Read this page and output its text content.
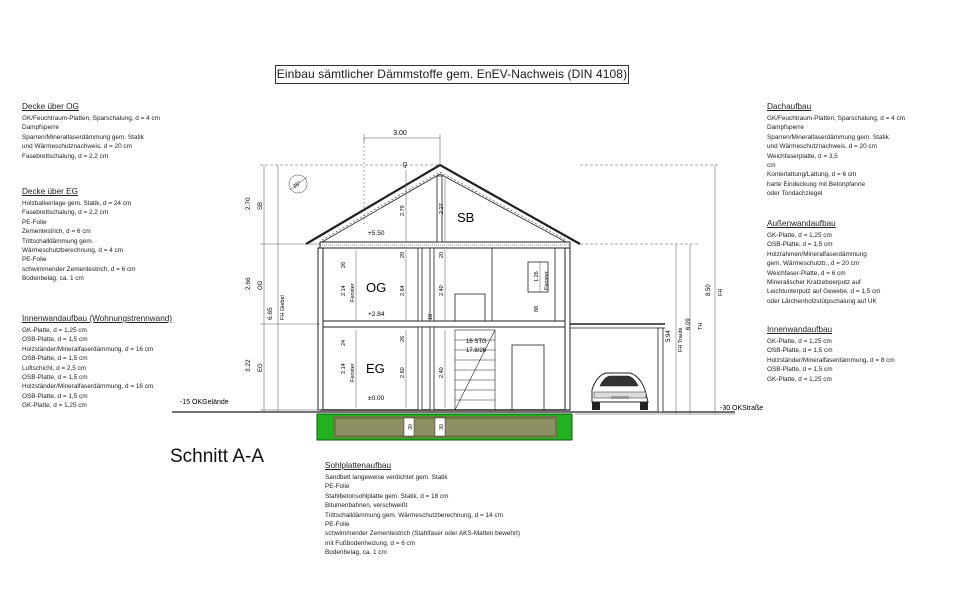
Einbau sämtlicher Dämmstoffe gem. EnEV-Nachweis (DIN 4108)
Decke über OG
GK/Feuchtraum-Platten, Sparschalung, d = 4 cm
Dampfsperre
Sparren/Mineralfaserdämmung gem. Statik
und Wärmeschutznachweis, d = 20 cm
Fasebrettschalung, d = 2,2 cm
Decke über EG
Holzbalkenlage gem. Statik, d = 24 cm
Fasebrettschalung, d = 2,2 cm
PE-Folie
Zementestrich, d = 6 cm
Trittschalldämmung gem.
Wärmeschutzberechnung, d = 4 cm
PE-Folie
schwimmender Zementestrich, d = 6 cm
Bodenbelag, ca. 1 cm
Innenwandaufbau (Wohnungstrennwand)
GK-Platte, d = 1,25 cm
OSB-Platte, d = 1,5 cm
Holzständer/Mineralfaserdämmung, d = 16 cm
OSB-Platte, d = 1,5 cm
Luftschicht, d = 2,5 cm
OSB-Platte, d = 1,5 cm
Holzständer/Mineralfaserdämmung, d = 16 cm
OSB-Platte, d = 1,5 cm
GK-Platte, d = 1,25 cm
Dachaufbau
GK/Feuchtraum-Platten, Sparschalung, d = 4 cm
Dampfsperre
Sparren/Mineralfaserdämmung gem. Statik
und Wärmeschutznachweis, d = 20 cm
Weichfaserplatte, d = 3,5
cm
Konterlattung/Lattung, d = 6 cm
harte Eindeckung mit Betonpfanne
oder Tondachziegel
Außenwandaufbau
GK-Platte, d = 1,25 cm
OSB-Platte, d = 1,5 cm
Holzrahmen/Mineralfaserdämmung
gem. Wärmeschutzb., d = 20 cm
Weichfaser-Platte, d = 6 cm
Mineralischer Kratzeboerputz auf
Leichtunterputz auf Gewebe, d = 1,5 cm
oder Lärchenholzstülpschalung auf UK
Innenwandaufbau
GK-Platte, d = 1,25 cm
OSB-Platte, d = 1,5 cm
Holzständer/Mineralfaserdämmung, d = 8 cm
OSB-Platte, d = 1,5 cm
GK-Platte, d = 1,25 cm
Sohlplattenaufbau
Sandbett langeweise verdichtet gem. Statik
PE-Folie
Stahlbetonsohlplatte gem. Statik, d = 18 cm
Bitumenbahnen, verschweißt
Trittschalldämmung gem. Wärmeschutzberechnung, d = 14 cm
PE-Folie
schwimmender Zementestrich (Stahlfaser oder AKS-Matten bewehrt)
mit Fußbodenheizung, d = 6 cm
Bodenbelag, ca. 1 cm
Schnitt A-A
30	30
2.70 SB
2.66 OG
3.22 EG
6.65 FH Giebel
3.00
43
25°
+5.50
+2.84
±0.00
SB
OG
EG
2.14 Fenster
26
2.14 Fenster
24
2.79
20
2.64
26
2.60
2.27
20
2.40
18
2.40
1.26
88
Fenster
16 STG
17.8/26
5.94 FH Traufe
6.09 TH
8.50 FH
-15 OKGelände
-30 OKStraße
